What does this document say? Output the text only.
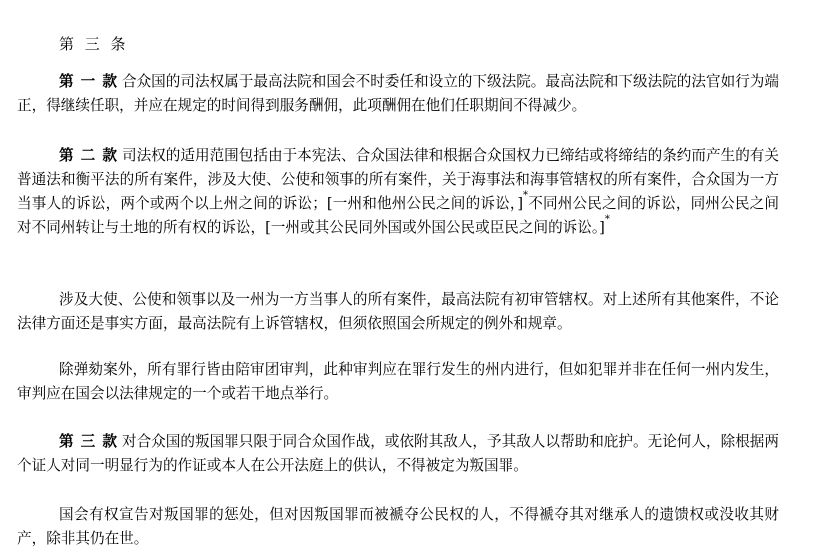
第 三 条

第 一 款 合众国的司法权属于最高法院和国会不时委任和设立的下级法院。最高法院和下级法院的法官如行为端正，得继续任职，并应在规定的时间得到服务酬佣，此项酬佣在他们任职期间不得减少。

第 二 款 司法权的适用范围包括由于本宪法、合众国法律和根据合众国权力已缔结或将缔结的条约而产生的有关普通法和衡平法的所有案件，涉及大使、公使和领事的所有案件，关于海事法和海事管辖权的所有案件，合众国为一方当事人的诉讼，两个或两个以上州之间的诉讼；[一州和他州公民之间的诉讼，]*不同州公民之间的诉讼，同州公民之间对不同州转让与土地的所有权的诉讼，[一州或其公民同外国或外国公民或臣民之间的诉讼。]*

涉及大使、公使和领事以及一州为一方当事人的所有案件，最高法院有初审管辖权。对上述所有其他案件，不论法律方面还是事实方面，最高法院有上诉管辖权，但须依照国会所规定的例外和规章。

除弹劾案外，所有罪行皆由陪审团审判，此种审判应在罪行发生的州内进行，但如犯罪并非在任何一州内发生，审判应在国会以法律规定的一个或若干地点举行。

第 三 款 对合众国的叛国罪只限于同合众国作战，或依附其敌人，予其敌人以帮助和庇护。无论何人，除根据两个证人对同一明显行为的作证或本人在公开法庭上的供认，不得被定为叛国罪。

国会有权宣告对叛国罪的惩处，但对因叛国罪而被褫夺公民权的人，不得褫夺其对继承人的遗馈权或没收其财产，除非其仍在世。
